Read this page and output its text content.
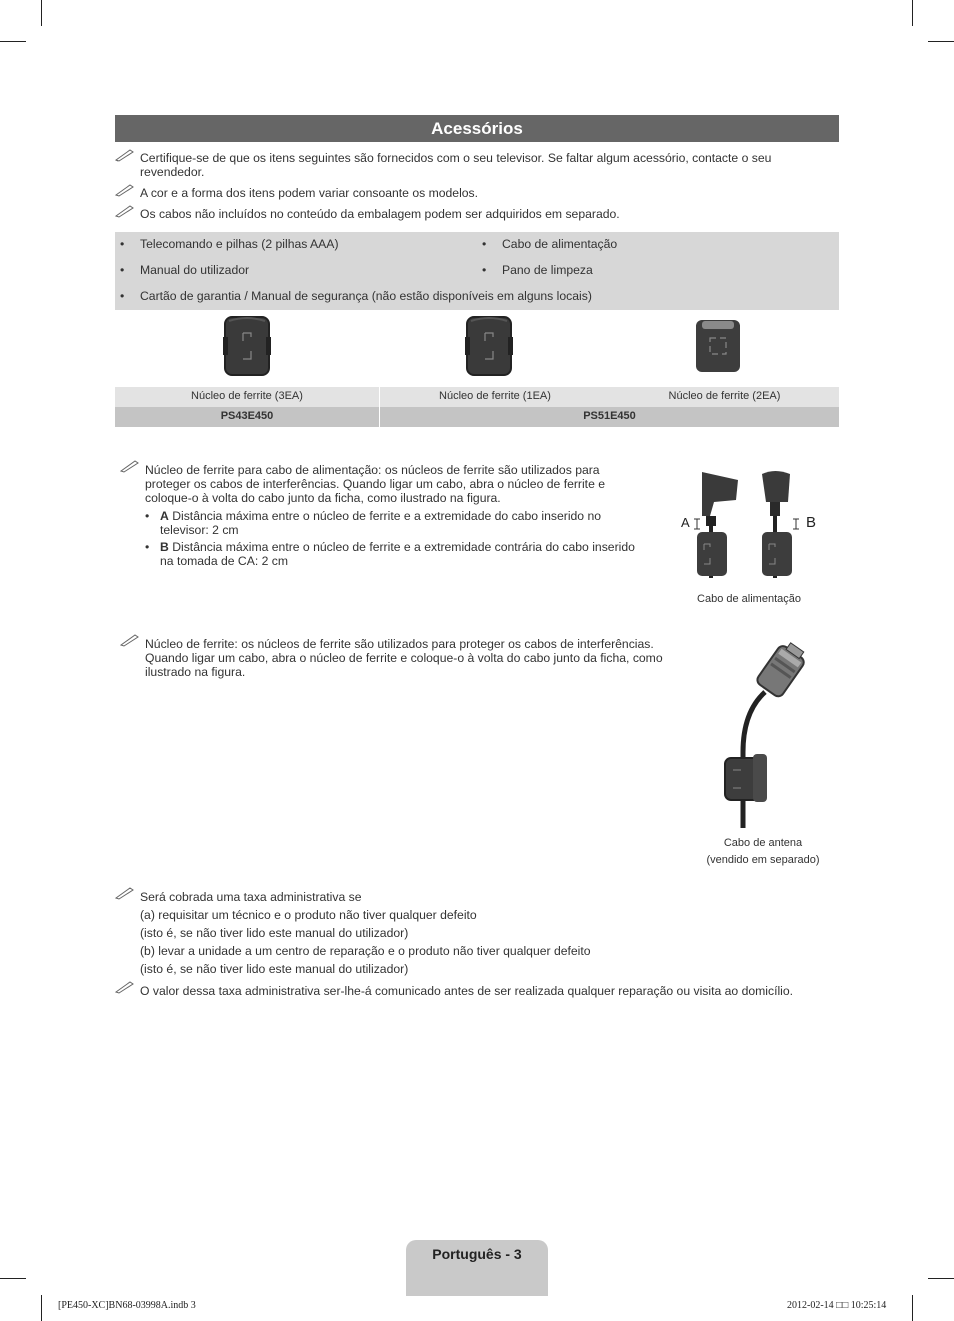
Acessórios
Certifique-se de que os itens seguintes são fornecidos com o seu televisor. Se faltar algum acessório, contacte o seu
revendedor.
A cor e a forma dos itens podem variar consoante os modelos.
Os cabos não incluídos no conteúdo da embalagem podem ser adquiridos em separado.
• Telecomando e pilhas (2 pilhas AAA)
• Manual do utilizador
• Cartão de garantia / Manual de segurança (não estão disponíveis em alguns locais)
• Cabo de alimentação
• Pano de limpeza
Núcleo de ferrite (3EA)	Núcleo de ferrite (1EA)	Núcleo de ferrite (2EA)
PS43E450	PS51E450
Núcleo de ferrite para cabo de alimentação: os núcleos de ferrite são utilizados para
proteger os cabos de interferências. Quando ligar um cabo, abra o núcleo de ferrite e
coloque-o à volta do cabo junto da ficha, como ilustrado na figura.
• A Distância máxima entre o núcleo de ferrite e a extremidade do cabo inserido no
televisor: 2 cm
• B Distância máxima entre o núcleo de ferrite e a extremidade contrária do cabo inserido
na tomada de CA: 2 cm
A	B
Cabo de alimentação
Núcleo de ferrite: os núcleos de ferrite são utilizados para proteger os cabos de interferências.
Quando ligar um cabo, abra o núcleo de ferrite e coloque-o à volta do cabo junto da ficha, como
ilustrado na figura.
Cabo de antena
(vendido em separado)
Será cobrada uma taxa administrativa se
(a) requisitar um técnico e o produto não tiver qualquer defeito
(isto é, se não tiver lido este manual do utilizador)
(b) levar a unidade a um centro de reparação e o produto não tiver qualquer defeito
(isto é, se não tiver lido este manual do utilizador)
O valor dessa taxa administrativa ser-lhe-á comunicado antes de ser realizada qualquer reparação ou visita ao domicílio.
Português - 3
[PE450-XC]BN68-03998A.indb 3	2012-02-14 □□ 10:25:14
